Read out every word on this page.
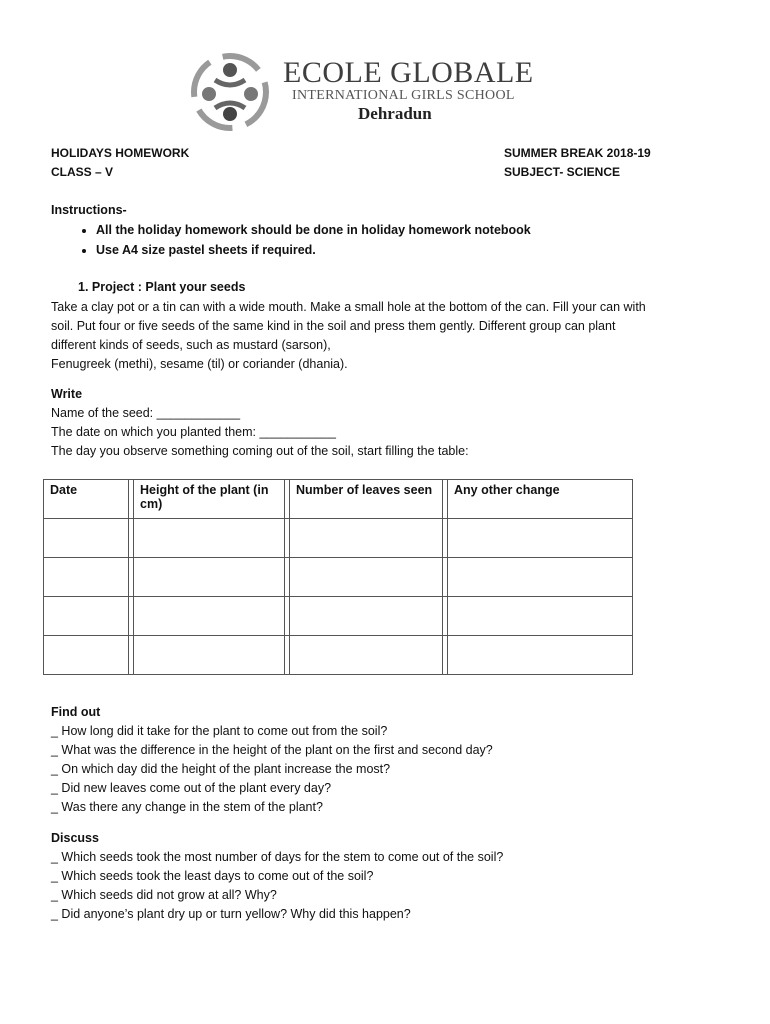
ECOLE GLOBALE
INTERNATIONAL GIRLS SCHOOL
Dehradun
HOLIDAYS HOMEWORK
CLASS – V
SUMMER BREAK 2018-19
SUBJECT- SCIENCE
Instructions-
• All the holiday homework should be done in holiday homework notebook
• Use A4 size pastel sheets if required.
1. Project : Plant your seeds
Take a clay pot or a tin can with a wide mouth. Make a small hole at the bottom of the can. Fill your can with
soil. Put four or five seeds of the same kind in the soil and press them gently. Different group can plant
different kinds of seeds, such as mustard (sarson),
Fenugreek (methi), sesame (til) or coriander (dhania).
Write
Name of the seed: ____________
The date on which you planted them: ___________
The day you observe something coming out of the soil, start filling the table:
Date		Height of the plant (in cm)		Number of leaves seen		Any other change

Find out
_ How long did it take for the plant to come out from the soil?
_ What was the difference in the height of the plant on the first and second day?
_ On which day did the height of the plant increase the most?
_ Did new leaves come out of the plant every day?
_ Was there any change in the stem of the plant?
Discuss
_ Which seeds took the most number of days for the stem to come out of the soil?
_ Which seeds took the least days to come out of the soil?
_ Which seeds did not grow at all? Why?
_ Did anyone’s plant dry up or turn yellow? Why did this happen?
